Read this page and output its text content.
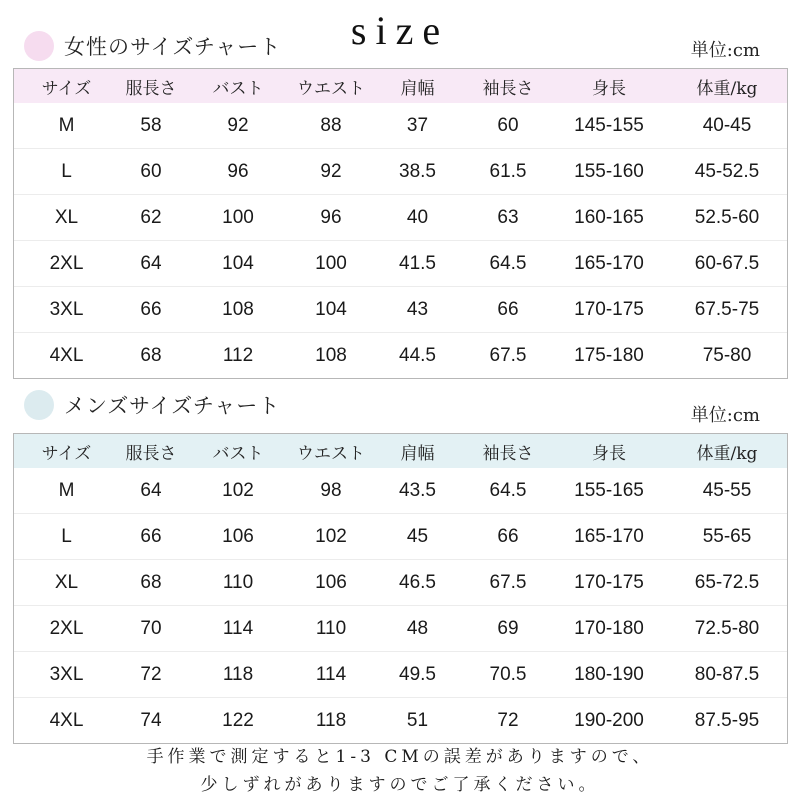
size
女性のサイズチャート	単位:cm
サイズ	服長さ	バスト	ウエスト	肩幅	袖長さ	身長	体重/kg
M	58	92	88	37	60	145-155	40-45
L	60	96	92	38.5	61.5	155-160	45-52.5
XL	62	100	96	40	63	160-165	52.5-60
2XL	64	104	100	41.5	64.5	165-170	60-67.5
3XL	66	108	104	43	66	170-175	67.5-75
4XL	68	112	108	44.5	67.5	175-180	75-80
メンズサイズチャート	単位:cm
サイズ	服長さ	バスト	ウエスト	肩幅	袖長さ	身長	体重/kg
M	64	102	98	43.5	64.5	155-165	45-55
L	66	106	102	45	66	165-170	55-65
XL	68	110	106	46.5	67.5	170-175	65-72.5
2XL	70	114	110	48	69	170-180	72.5-80
3XL	72	118	114	49.5	70.5	180-190	80-87.5
4XL	74	122	118	51	72	190-200	87.5-95
手作業で測定すると1-3 CMの誤差がありますので、
少しずれがありますのでご了承ください。
